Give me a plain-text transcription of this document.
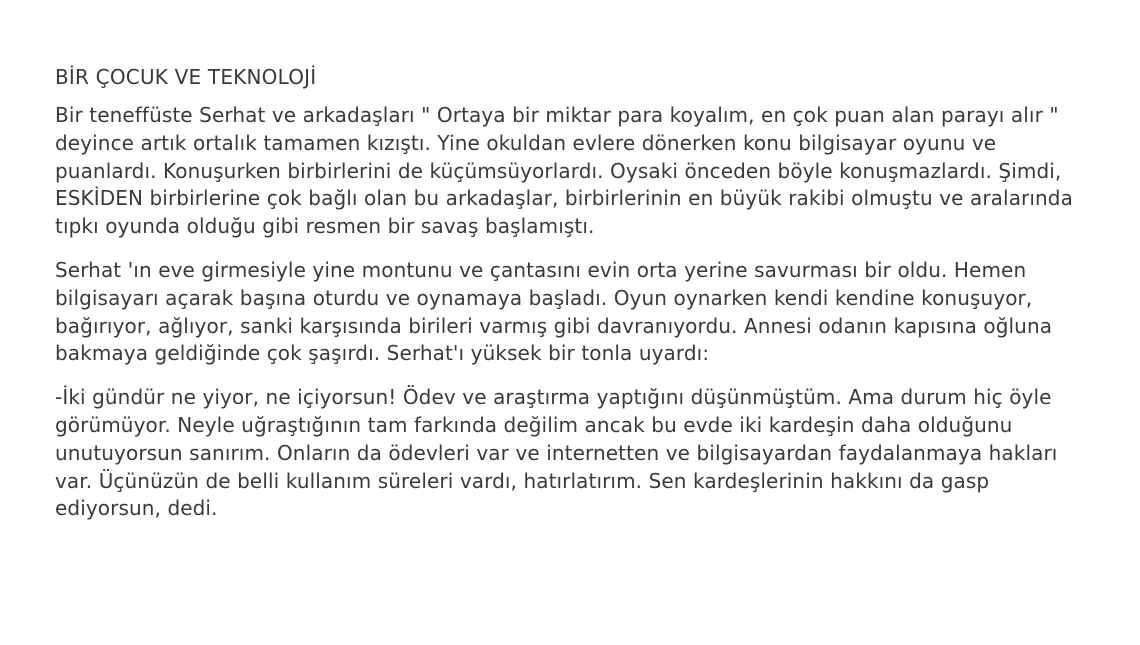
BİR ÇOCUK VE TEKNOLOJİ

Bir teneffüste Serhat ve arkadaşları " Ortaya bir miktar para koyalım, en çok puan alan parayı alır " deyince artık ortalık tamamen kızıştı. Yine okuldan evlere dönerken konu bilgisayar oyunu ve puanlardı. Konuşurken birbirlerini de küçümsüyorlardı. Oysaki önceden böyle konuşmazlardı. Şimdi, ESKİDEN birbirlerine çok bağlı olan bu arkadaşlar, birbirlerinin en büyük rakibi olmuştu ve aralarında tıpkı oyunda olduğu gibi resmen bir savaş başlamıştı.

Serhat 'ın eve girmesiyle yine montunu ve çantasını evin orta yerine savurması bir oldu. Hemen bilgisayarı açarak başına oturdu ve oynamaya başladı. Oyun oynarken kendi kendine konuşuyor, bağırıyor, ağlıyor, sanki karşısında birileri varmış gibi davranıyordu. Annesi odanın kapısına oğluna bakmaya geldiğinde çok şaşırdı. Serhat'ı yüksek bir tonla uyardı:

-İki gündür ne yiyor, ne içiyorsun! Ödev ve araştırma yaptığını düşünmüştüm. Ama durum hiç öyle görümüyor. Neyle uğraştığının tam farkında değilim ancak bu evde iki kardeşin daha olduğunu unutuyorsun sanırım. Onların da ödevleri var ve internetten ve bilgisayardan faydalanmaya hakları var. Üçünüzün de belli kullanım süreleri vardı, hatırlatırım. Sen kardeşlerinin hakkını da gasp ediyorsun, dedi.
